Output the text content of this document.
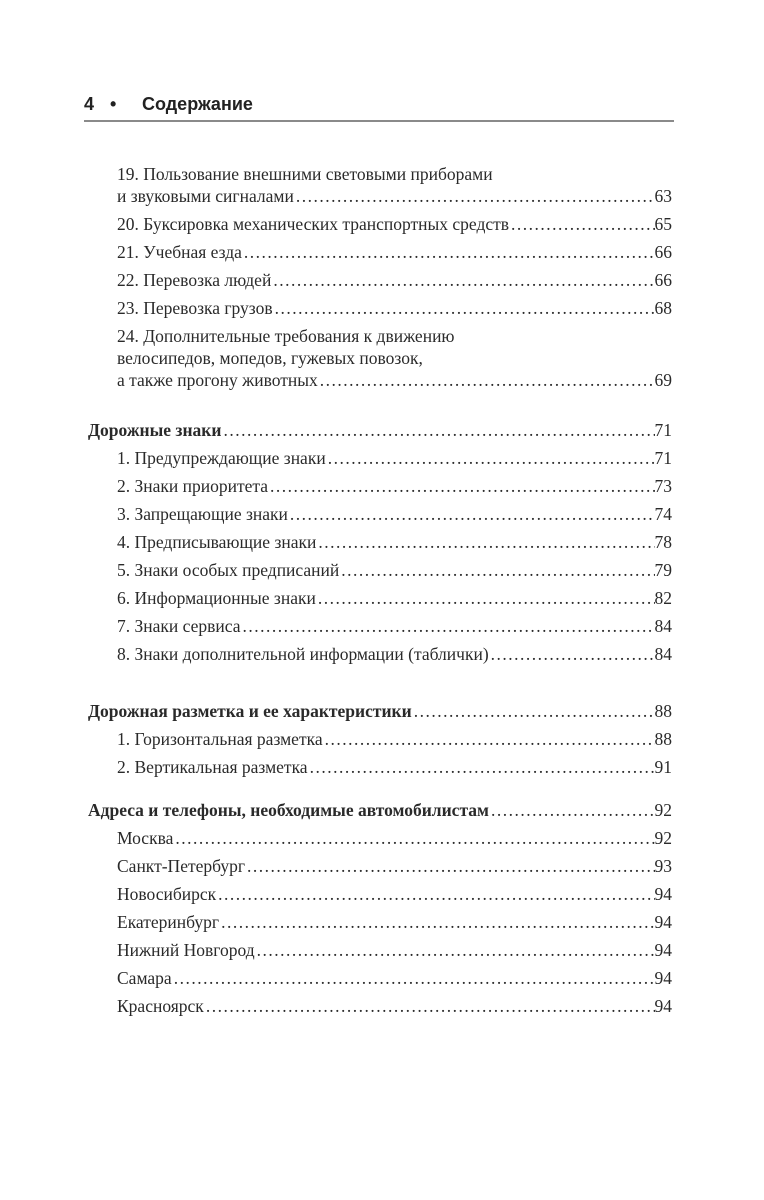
4 •	Содержание
19. Пользование внешними световыми приборами
и звуковыми сигналами .....	63
20. Буксировка механических транспортных средств .....	65
21. Учебная езда .....	66
22. Перевозка людей .....	66
23. Перевозка грузов .....	68
24. Дополнительные требования к движению
велосипедов, мопедов, гужевых повозок,
а также прогону животных .....	69
Дорожные знаки .....	71
1. Предупреждающие знаки .....	71
2. Знаки приоритета .....	73
3. Запрещающие знаки .....	74
4. Предписывающие знаки .....	78
5. Знаки особых предписаний .....	79
6. Информационные знаки .....	82
7. Знаки сервиса .....	84
8. Знаки дополнительной информации (таблички) .....	84
Дорожная разметка и ее характеристики .....	88
1. Горизонтальная разметка .....	88
2. Вертикальная разметка .....	91
Адреса и телефоны, необходимые автомобилистам .....	92
Москва .....	92
Санкт-Петербург .....	93
Новосибирск .....	94
Екатеринбург .....	94
Нижний Новгород .....	94
Самара .....	94
Красноярск .....	94
